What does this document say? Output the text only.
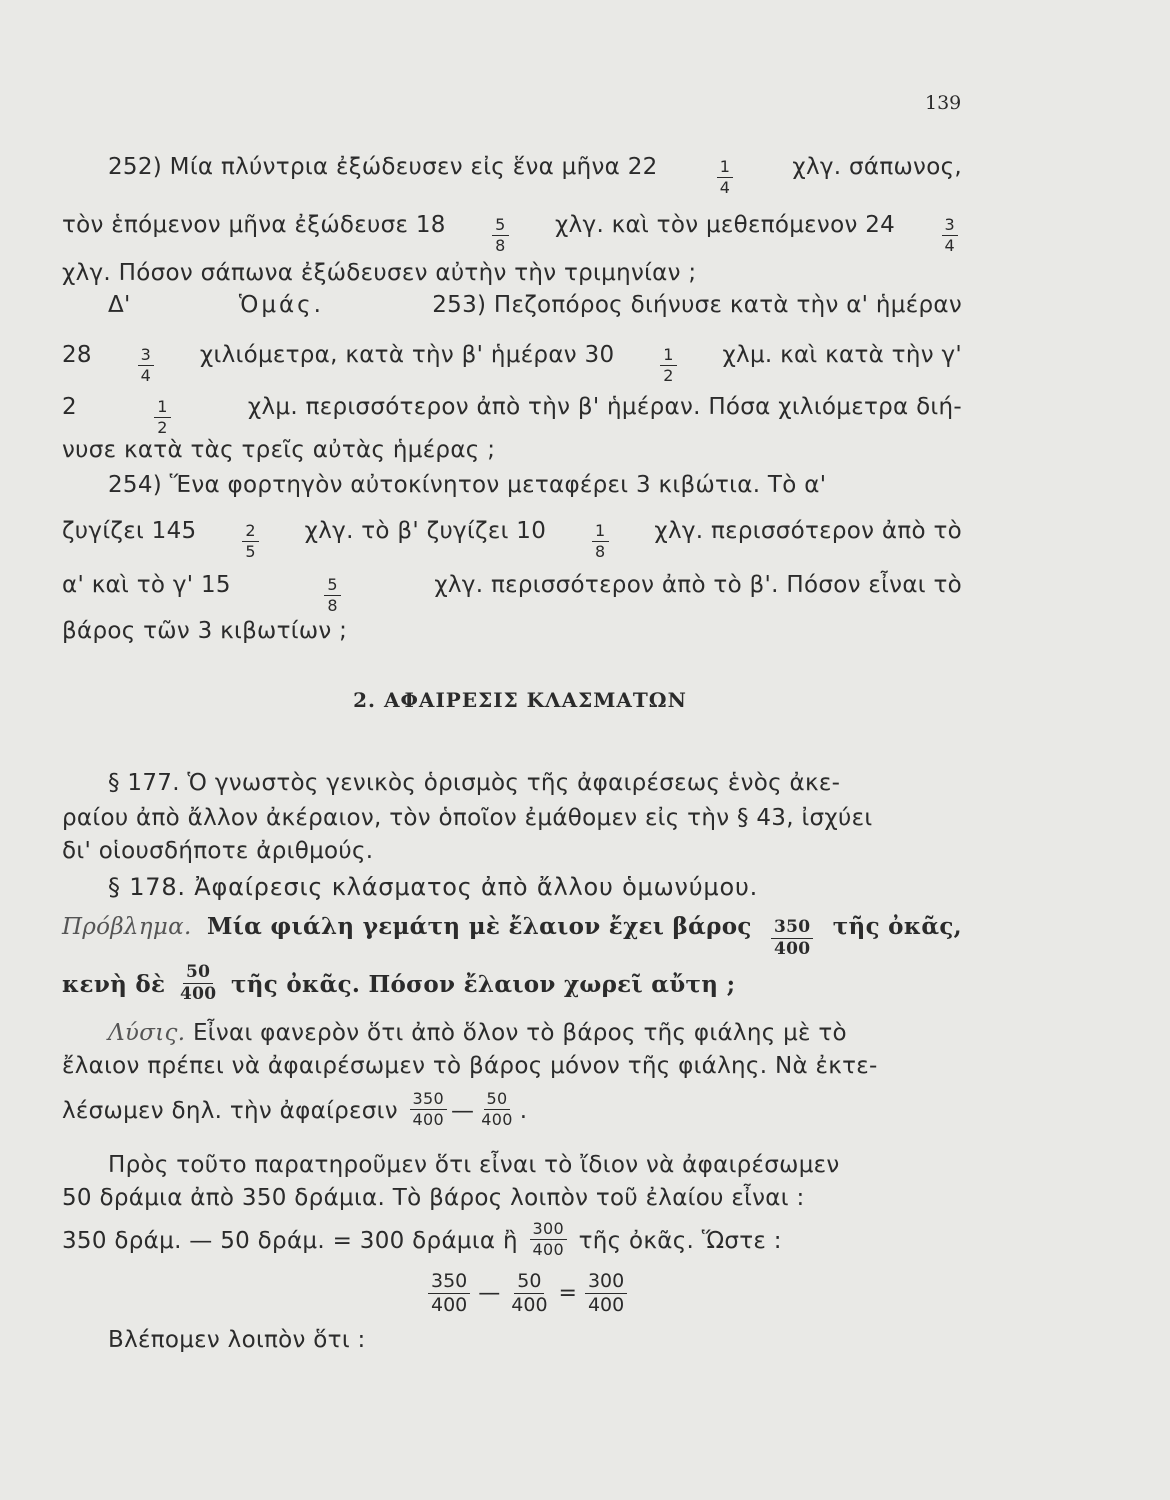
139
252) Μία πλύντρια ἐξώδευσεν εἰς ἕνα μῆνα 22	$\frac{1}{4}$	χλγ. σάπωνος,
τὸν ἑπόμενον μῆνα ἐξώδευσε 18	$\frac{5}{8} \chi\lambda\gamma$. καὶ τὸν μεθεπόμενον 24	$\frac{3}{4}$
χλγ. Πόσον σάπωνα ἐξώδευσεν αὐτὴν τὴν τριμηνίαν ;
Δ'	Ὁμάς.	253) Πεζοπόρος διήνυσε κατὰ τὴν α' ἡμέραν
28	$\frac{3}{4} \chi\iota\lambda\iota ό\mu\varepsilon\tau\rho\alpha$, κατὰ τὴν β' ἡμέραν 30	$\frac{1}{2} \chi\lambda\mu$. καὶ κατὰ τὴν γ'
2	$\frac{1}{2}$	χλμ. περισσότερον ἀπὸ τὴν β' ἡμέραν. Πόσα χιλιόμετρα διή-
νυσε κατὰ τὰς τρεῖς αὐτὰς ἡμέρας ;
254) Ἕνα φορτηγὸν αὐτοκίνητον μεταφέρει 3 κιβώτια. Τὸ α'
ζυγίζει 145	$\frac{2}{5} \chi\lambda\gamma$. τὸ β' ζυγίζει 10	$\frac{1}{8} \chi\lambda\gamma$. περισσότερον ἀπὸ τὸ
α' καὶ τὸ γ' 15	$\frac{5}{8}$	χλγ. περισσότερον ἀπὸ τὸ β'. Πόσον εἶναι τὸ
βάρος τῶν 3 κιβωτίων ;
2. ΑΦΑΙΡΕΣΙΣ ΚΛΑΣΜΑΤΩΝ
§ 177. Ὁ γνωστὸς γενικὸς ὁρισμὸς τῆς ἀφαιρέσεως ἑνὸς ἀκε-
ραίου ἀπὸ ἄλλον ἀκέραιον, τὸν ὁποῖον ἐμάθομεν εἰς τὴν § 43, ἰσχύει
δι' οἱουσδήποτε ἀριθμούς.
§ 178. Ἀφαίρεσις κλάσματος ἀπὸ ἄλλου ὁμωνύμου.
Πρόβλημα. Μία φιάλη γεμάτη μὲ ἔλαιον ἔχει βάρος $\frac{350}{400}$ τῆς ὀκᾶς,
κενὴ δὲ $\frac{50}{400}$ τῆς ὀκᾶς. Πόσον ἔλαιον χωρεῖ αὔτη ;
Λύσις. Εἶναι φανερὸν ὅτι ἀπὸ ὅλον τὸ βάρος τῆς φιάλης μὲ τὸ
ἔλαιον πρέπει νὰ ἀφαιρέσωμεν τὸ βάρος μόνον τῆς φιάλης. Νὰ ἐκτε-
λέσωμεν δηλ. τὴν ἀφαίρεσιν $\frac{350}{400}$ — $\frac{50}{400}$ .
Πρὸς τοῦτο παρατηροῦμεν ὅτι εἶναι τὸ ἴδιον νὰ ἀφαιρέσωμεν
50 δράμια ἀπὸ 350 δράμια. Τὸ βάρος λοιπὸν τοῦ ἐλαίου εἶναι :
350 δράμ. — 50 δράμ. = 300 δράμια ἢ $\frac{300}{400}$ τῆς ὀκᾶς. Ὥστε :
$\frac{350}{400}$ — $\frac{50}{400} = \frac{300}{400}$
Βλέπομεν λοιπὸν ὅτι :
